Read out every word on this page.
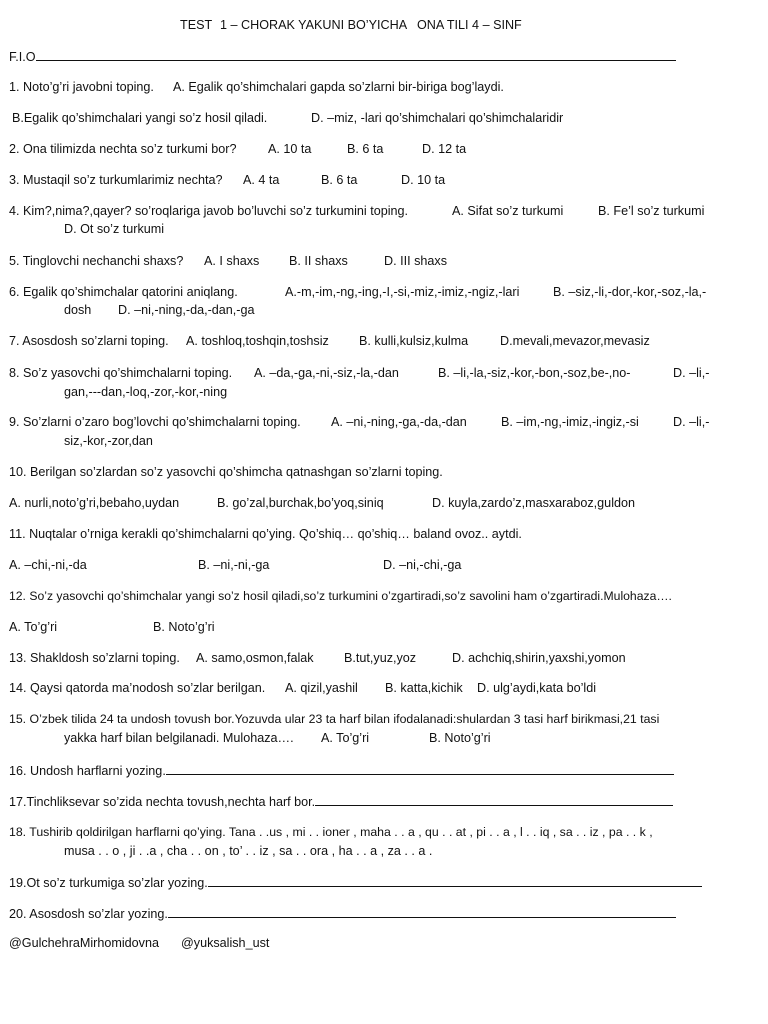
TEST 1 – CHORAK YAKUNI BO’YICHA ONA TILI 4 – SINF
F.I.O
1. Noto’g’ri javobni toping. A. Egalik qo’shimchalari gapda so’zlarni bir-biriga bog’laydi.
B.Egalik qo’shimchalari yangi so’z hosil qiladi.	D. –miz, -lari qo’shimchalari qo’shimchalaridir
2. Ona tilimizda nechta so’z turkumi bor?	A. 10 ta	B. 6 ta	D. 12 ta
3. Mustaqil so’z turkumlarimiz nechta? A. 4 ta	B. 6 ta	D. 10 ta
4. Kim?,nima?,qayer? so’roqlariga javob bo’luvchi so’z turkumini toping.	A. Sifat so’z turkumi	B. Fe’l so’z turkumi
D. Ot so’z turkumi
5. Tinglovchi nechanchi shaxs? A. I shaxs B. II shaxs	D. III shaxs
6. Egalik qo’shimchalar qatorini aniqlang.	A.-m,-im,-ng,-ing,-I,-si,-miz,-imiz,-ngiz,-lari	B. –siz,-li,-dor,-kor,-soz,-la,-
dosh D. –ni,-ning,-da,-dan,-ga
7. Asosdosh so’zlarni toping. A. toshloq,toshqin,toshsiz B. kulli,kulsiz,kulma	D.mevali,mevazor,mevasiz
8. So’z yasovchi qo’shimchalarni toping. A. –da,-ga,-ni,-siz,-la,-dan	B. –li,-la,-siz,-kor,-bon,-soz,be-,no-	D. –li,-
gan,---dan,-loq,-zor,-kor,-ning
9. So’zlarni o’zaro bog’lovchi qo’shimchalarni toping. A. –ni,-ning,-ga,-da,-dan	B. –im,-ng,-imiz,-ingiz,-si	D. –li,-
siz,-kor,-zor,dan
10. Berilgan so’zlardan so’z yasovchi qo’shimcha qatnashgan so’zlarni toping.
A. nurli,noto’g’ri,bebaho,uydan	B. go’zal,burchak,bo’yoq,siniq	D. kuyla,zardo’z,masxaraboz,guldon
11. Nuqtalar o’rniga kerakli qo’shimchalarni qo’ying. Qo’shiq… qo’shiq… baland ovoz.. aytdi.
A. –chi,-ni,-da	B. –ni,-ni,-ga	D. –ni,-chi,-ga
12. So’z yasovchi qo’shimchalar yangi so’z hosil qiladi,so’z turkumini o’zgartiradi,so’z savolini ham o’zgartiradi.Mulohaza….
A. To’g’ri	B. Noto’g’ri
13. Shakldosh so’zlarni toping. A. samo,osmon,falak B.tut,yuz,yoz	D. achchiq,shirin,yaxshi,yomon
14. Qaysi qatorda ma’nodosh so’zlar berilgan. A. qizil,yashil B. katta,kichik D. ulg’aydi,kata bo’ldi
15. O’zbek tilida 24 ta undosh tovush bor.Yozuvda ular 23 ta harf bilan ifodalanadi:shulardan 3 tasi harf birikmasi,21 tasi
yakka harf bilan belgilanadi. Mulohaza…. A. To’g’ri	B. Noto’g’ri
16. Undosh harflarni yozing.
17.Tinchliksevar so’zida nechta tovush,nechta harf bor.
18. Tushirib qoldirilgan harflarni qo’ying. Tana . .us , mi . . ioner , maha . . a , qu . . at , pi . . a , l . . iq , sa . . iz , pa . . k ,
musa . . o , ji . .a , cha . . on , to’ . . iz , sa . . ora , ha . . a , za . . a .
19.Ot so’z turkumiga so’zlar yozing.
20. Asosdosh so’zlar yozing.
@GulchehraMirhomidovna @yuksalish_ust
